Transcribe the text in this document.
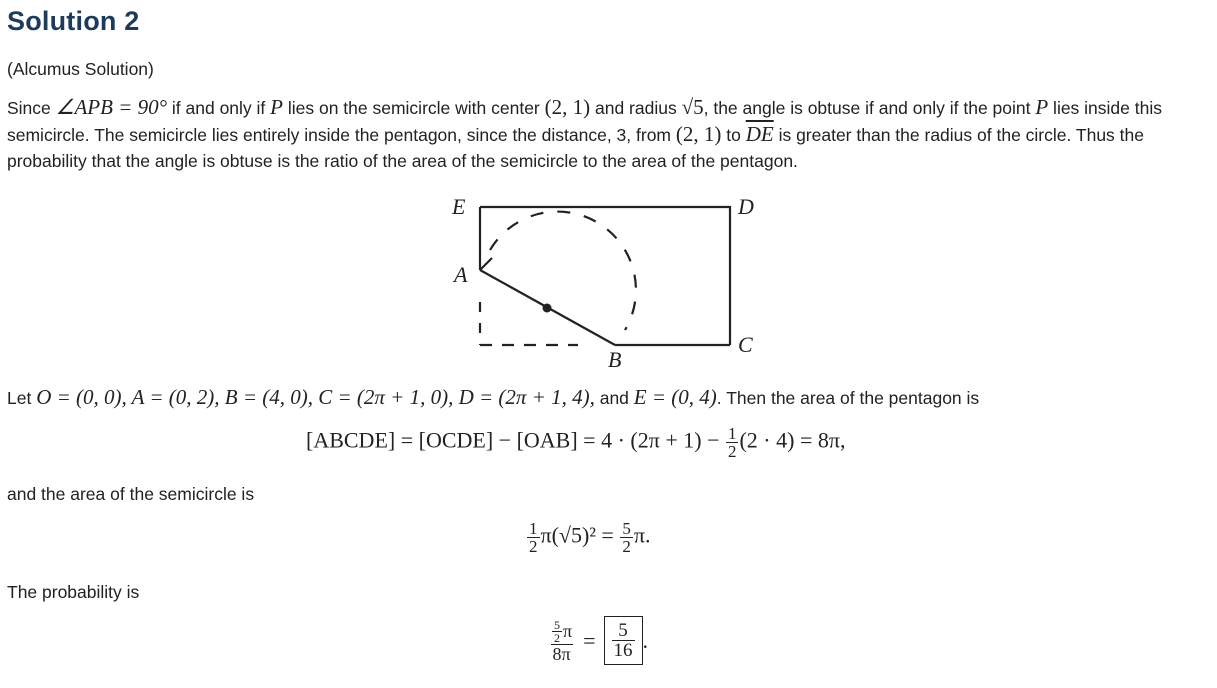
Solution 2
(Alcumus Solution)
Since ∠APB = 90° if and only if P lies on the semicircle with center (2, 1) and radius √5, the angle is obtuse if and only if the point P lies inside this semicircle. The semicircle lies entirely inside the pentagon, since the distance, 3, from (2, 1) to $\overline{DE}$ is greater than the radius of the circle. Thus the probability that the angle is obtuse is the ratio of the area of the semicircle to the area of the pentagon.
E	D
A
C
B
Let O = (0, 0), A = (0, 2), B = (4, 0), C = (2π + 1, 0), D = (2π + 1, 4), and E = (0, 4). Then the area of the pentagon is
[ABCDE] = [OCDE] − $[OAB] = 4 \cdot (2\pi + 1) - \frac{1}{2} (2 \cdot 4) = 8\pi$,
and the area of the semicircle is
$\frac{1}{2} \pi(√5)^2 = \frac{5}{2} \pi$.
The probability is
$\frac{\frac{5}{2} \pi}{8\pi} = \frac{5}{16}$ .
